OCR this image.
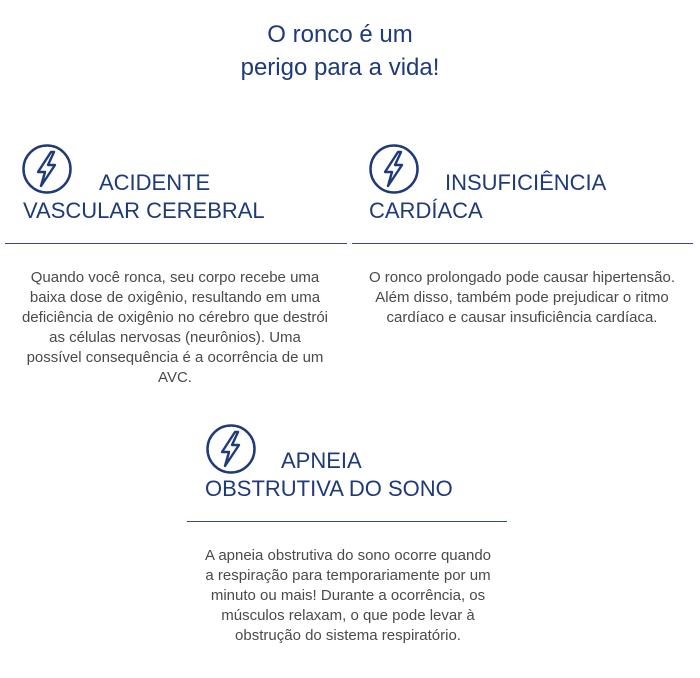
O ronco é um
perigo para a vida!
ACIDENTE
VASCULAR CEREBRAL
Quando você ronca, seu corpo recebe uma baixa dose de oxigênio, resultando em uma deficiência de oxigênio no cérebro que destrói as células nervosas (neurônios). Uma possível consequência é a ocorrência de um AVC.
INSUFICIÊNCIA
CARDÍACA
O ronco prolongado pode causar hipertensão. Além disso, também pode prejudicar o ritmo cardíaco e causar insuficiência cardíaca.
APNEIA
OBSTRUTIVA DO SONO
A apneia obstrutiva do sono ocorre quando a respiração para temporariamente por um minuto ou mais! Durante a ocorrência, os músculos relaxam, o que pode levar à obstrução do sistema respiratório.
